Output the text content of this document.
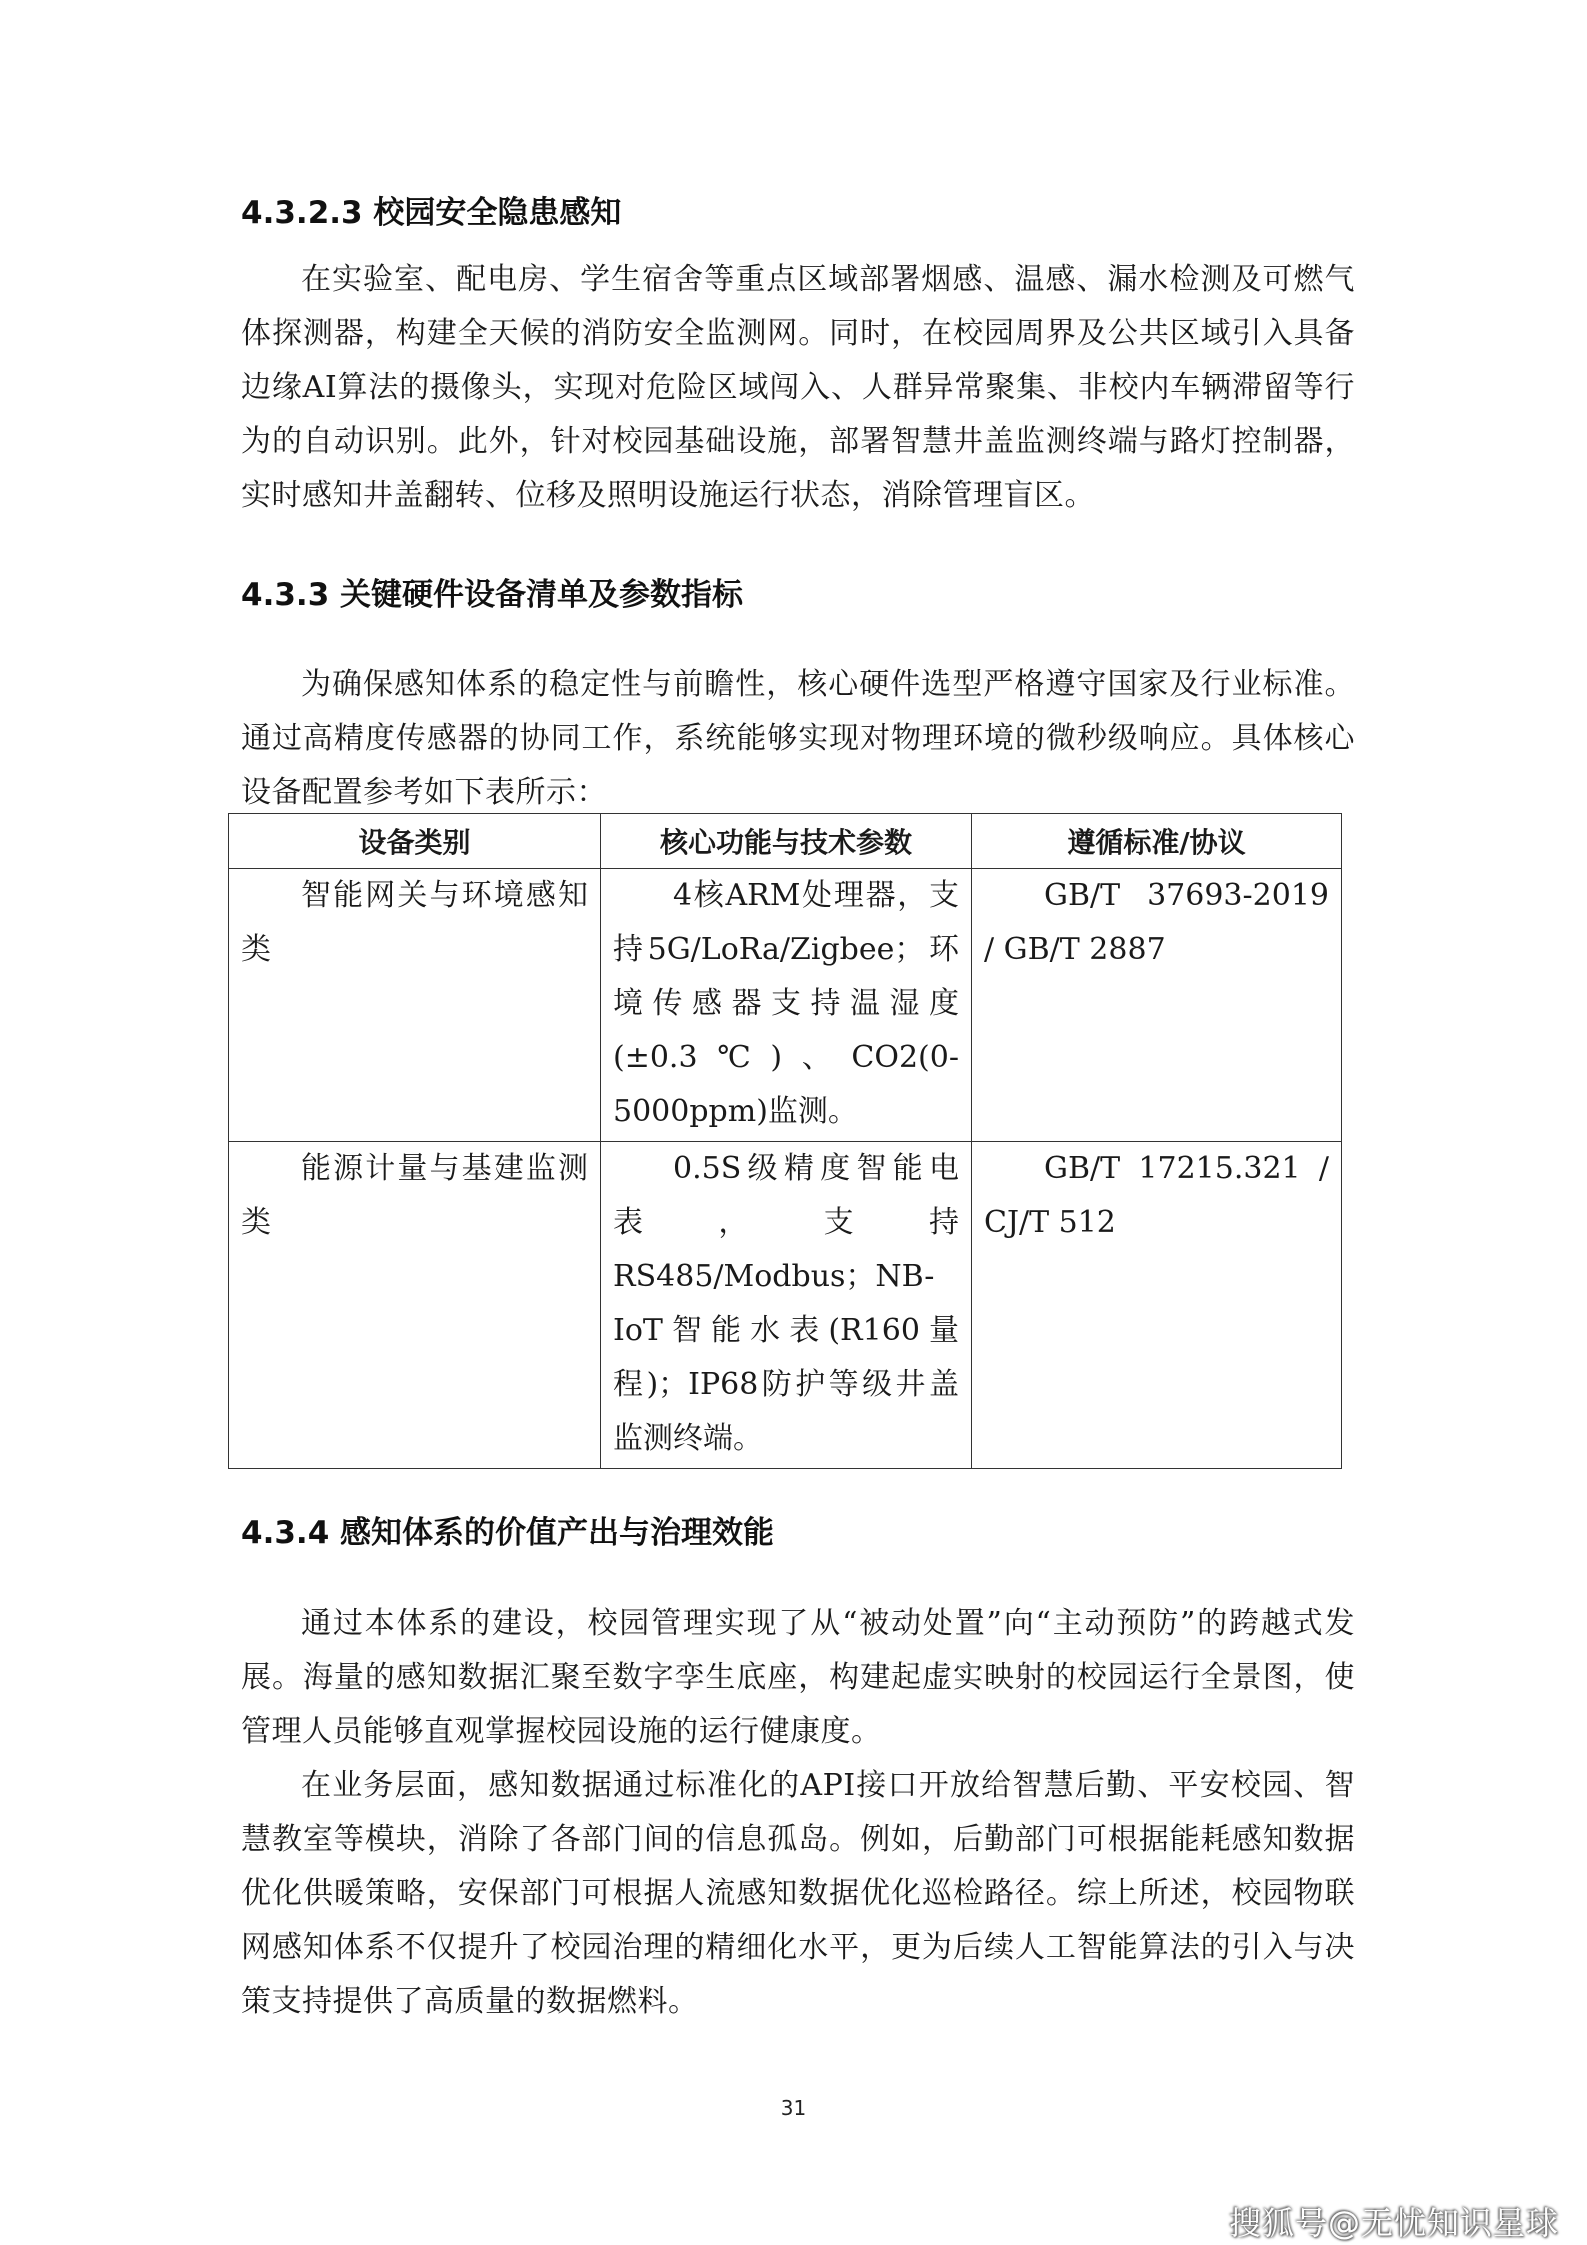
4.3.2.3 校园安全隐患感知

在实验室、配电房、学生宿舍等重点区域部署烟感、温感、漏水检测及可燃气体探测器，构建全天候的消防安全监测网。同时，在校园周界及公共区域引入具备边缘AI算法的摄像头，实现对危险区域闯入、人群异常聚集、非校内车辆滞留等行为的自动识别。此外，针对校园基础设施，部署智慧井盖监测终端与路灯控制器，实时感知井盖翻转、位移及照明设施运行状态，消除管理盲区。

4.3.3 关键硬件设备清单及参数指标

为确保感知体系的稳定性与前瞻性，核心硬件选型严格遵守国家及行业标准。通过高精度传感器的协同工作，系统能够实现对物理环境的微秒级响应。具体核心设备配置参考如下表所示：

设备类别	核心功能与技术参数	遵循标准/协议

智能网关与环境感知类	4核ARM处理器，支持5G/LoRa/Zigbee；环境传感器支持温湿度(±0.3℃)、CO2(0-5000ppm)监测。	GB/T 37693-2019 / GB/T 2887

能源计量与基建监测类	0.5S级精度智能电表，支持RS485/Modbus；NB-IoT智能水表(R160量程)；IP68防护等级井盖监测终端。	GB/T 17215.321 / CJ/T 512
4.3.4 感知体系的价值产出与治理效能

通过本体系的建设，校园管理实现了从“被动处置”向“主动预防”的跨越式发展。海量的感知数据汇聚至数字孪生底座，构建起虚实映射的校园运行全景图，使管理人员能够直观掌握校园设施的运行健康度。

在业务层面，感知数据通过标准化的API接口开放给智慧后勤、平安校园、智慧教室等模块，消除了各部门间的信息孤岛。例如，后勤部门可根据能耗感知数据优化供暖策略，安保部门可根据人流感知数据优化巡检路径。综上所述，校园物联网感知体系不仅提升了校园治理的精细化水平，更为后续人工智能算法的引入与决策支持提供了高质量的数据燃料。

31
搜狐号@无忧知识星球
